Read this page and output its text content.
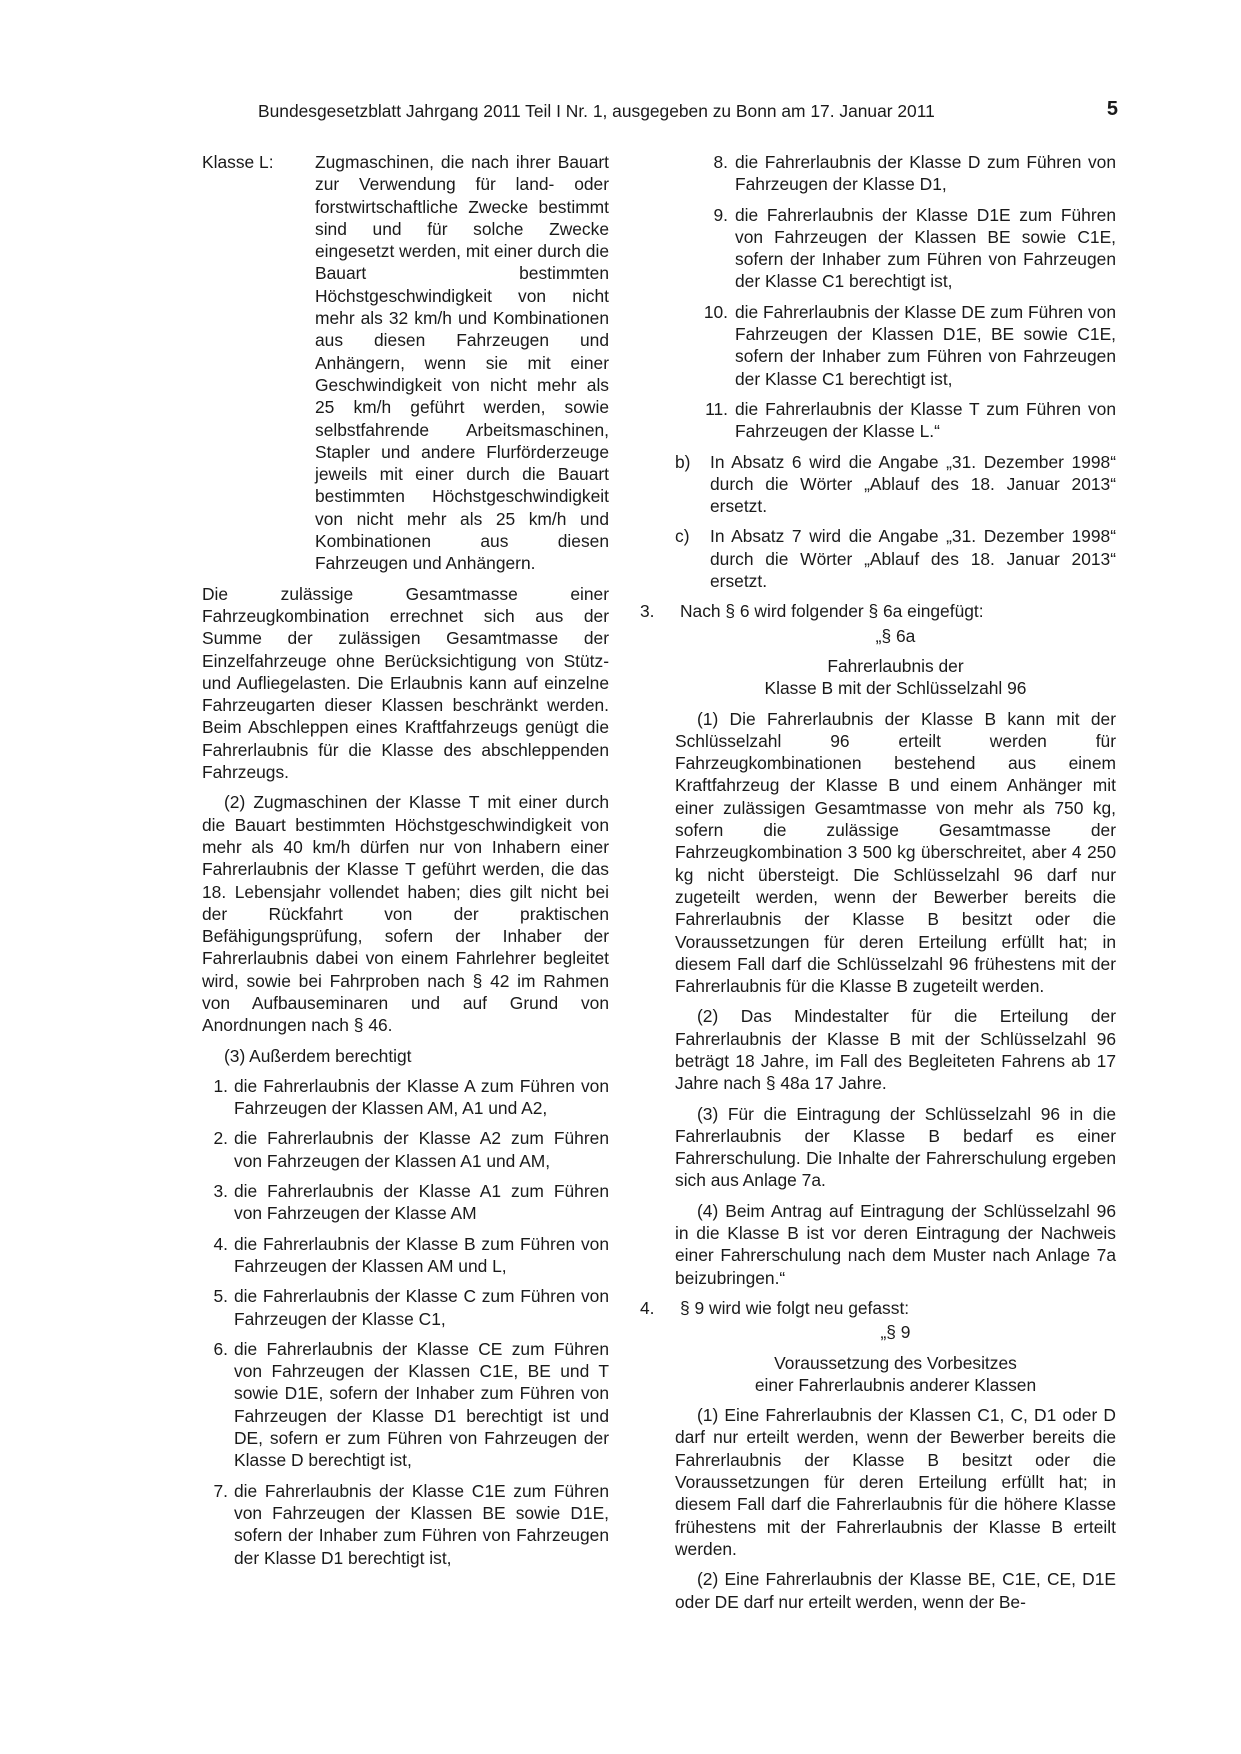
Bundesgesetzblatt Jahrgang 2011 Teil I Nr. 1, ausgegeben zu Bonn am 17. Januar 2011	5
Klasse L: Zugmaschinen, die nach ihrer Bauart zur Verwendung für land- oder forstwirtschaftliche Zwecke bestimmt sind und für solche Zwecke eingesetzt werden, mit einer durch die Bauart bestimmten Höchstgeschwindigkeit von nicht mehr als 32 km/h und Kombinationen aus diesen Fahrzeugen und Anhängern, wenn sie mit einer Geschwindigkeit von nicht mehr als 25 km/h geführt werden, sowie selbstfahrende Arbeitsmaschinen, Stapler und andere Flurförderzeuge jeweils mit einer durch die Bauart bestimmten Höchstgeschwindigkeit von nicht mehr als 25 km/h und Kombinationen aus diesen Fahrzeugen und Anhängern.

Die zulässige Gesamtmasse einer Fahrzeugkombination errechnet sich aus der Summe der zulässigen Gesamtmasse der Einzelfahrzeuge ohne Berücksichtigung von Stütz- und Aufliegelasten. Die Erlaubnis kann auf einzelne Fahrzeugarten dieser Klassen beschränkt werden. Beim Abschleppen eines Kraftfahrzeugs genügt die Fahrerlaubnis für die Klasse des abschleppenden Fahrzeugs.

(2) Zugmaschinen der Klasse T mit einer durch die Bauart bestimmten Höchstgeschwindigkeit von mehr als 40 km/h dürfen nur von Inhabern einer Fahrerlaubnis der Klasse T geführt werden, die das 18. Lebensjahr vollendet haben; dies gilt nicht bei der Rückfahrt von der praktischen Befähigungsprüfung, sofern der Inhaber der Fahrerlaubnis dabei von einem Fahrlehrer begleitet wird, sowie bei Fahrproben nach § 42 im Rahmen von Aufbauseminaren und auf Grund von Anordnungen nach § 46.

(3) Außerdem berechtigt

1. die Fahrerlaubnis der Klasse A zum Führen von Fahrzeugen der Klassen AM, A1 und A2,

2. die Fahrerlaubnis der Klasse A2 zum Führen von Fahrzeugen der Klassen A1 und AM,

3. die Fahrerlaubnis der Klasse A1 zum Führen von Fahrzeugen der Klasse AM

4. die Fahrerlaubnis der Klasse B zum Führen von Fahrzeugen der Klassen AM und L,

5. die Fahrerlaubnis der Klasse C zum Führen von Fahrzeugen der Klasse C1,

6. die Fahrerlaubnis der Klasse CE zum Führen von Fahrzeugen der Klassen C1E, BE und T sowie D1E, sofern der Inhaber zum Führen von Fahrzeugen der Klasse D1 berechtigt ist und DE, sofern er zum Führen von Fahrzeugen der Klasse D berechtigt ist,

7. die Fahrerlaubnis der Klasse C1E zum Führen von Fahrzeugen der Klassen BE sowie D1E, sofern der Inhaber zum Führen von Fahrzeugen der Klasse D1 berechtigt ist,

8. die Fahrerlaubnis der Klasse D zum Führen von Fahrzeugen der Klasse D1,

9. die Fahrerlaubnis der Klasse D1E zum Führen von Fahrzeugen der Klassen BE sowie C1E, sofern der Inhaber zum Führen von Fahrzeugen der Klasse C1 berechtigt ist,

10. die Fahrerlaubnis der Klasse DE zum Führen von Fahrzeugen der Klassen D1E, BE sowie C1E, sofern der Inhaber zum Führen von Fahrzeugen der Klasse C1 berechtigt ist,

11. die Fahrerlaubnis der Klasse T zum Führen von Fahrzeugen der Klasse L.“

b) In Absatz 6 wird die Angabe „31. Dezember 1998“ durch die Wörter „Ablauf des 18. Januar 2013“ ersetzt.

c) In Absatz 7 wird die Angabe „31. Dezember 1998“ durch die Wörter „Ablauf des 18. Januar 2013“ ersetzt.

3. Nach § 6 wird folgender § 6a eingefügt:

„§ 6a

Fahrerlaubnis der

Klasse B mit der Schlüsselzahl 96

(1) Die Fahrerlaubnis der Klasse B kann mit der Schlüsselzahl 96 erteilt werden für Fahrzeugkombinationen bestehend aus einem Kraftfahrzeug der Klasse B und einem Anhänger mit einer zulässigen Gesamtmasse von mehr als 750 kg, sofern die zulässige Gesamtmasse der Fahrzeugkombination 3 500 kg überschreitet, aber 4 250 kg nicht übersteigt. Die Schlüsselzahl 96 darf nur zugeteilt werden, wenn der Bewerber bereits die Fahrerlaubnis der Klasse B besitzt oder die Voraussetzungen für deren Erteilung erfüllt hat; in diesem Fall darf die Schlüsselzahl 96 frühestens mit der Fahrerlaubnis für die Klasse B zugeteilt werden.

(2) Das Mindestalter für die Erteilung der Fahrerlaubnis der Klasse B mit der Schlüsselzahl 96 beträgt 18 Jahre, im Fall des Begleiteten Fahrens ab 17 Jahre nach § 48a 17 Jahre.

(3) Für die Eintragung der Schlüsselzahl 96 in die Fahrerlaubnis der Klasse B bedarf es einer Fahrerschulung. Die Inhalte der Fahrerschulung ergeben sich aus Anlage 7a.

(4) Beim Antrag auf Eintragung der Schlüsselzahl 96 in die Klasse B ist vor deren Eintragung der Nachweis einer Fahrerschulung nach dem Muster nach Anlage 7a beizubringen.“

4. § 9 wird wie folgt neu gefasst:

„§ 9

Voraussetzung des Vorbesitzes

einer Fahrerlaubnis anderer Klassen

(1) Eine Fahrerlaubnis der Klassen C1, C, D1 oder D darf nur erteilt werden, wenn der Bewerber bereits die Fahrerlaubnis der Klasse B besitzt oder die Voraussetzungen für deren Erteilung erfüllt hat; in diesem Fall darf die Fahrerlaubnis für die höhere Klasse frühestens mit der Fahrerlaubnis der Klasse B erteilt werden.

(2) Eine Fahrerlaubnis der Klasse BE, C1E, CE, D1E oder DE darf nur erteilt werden, wenn der Be-
